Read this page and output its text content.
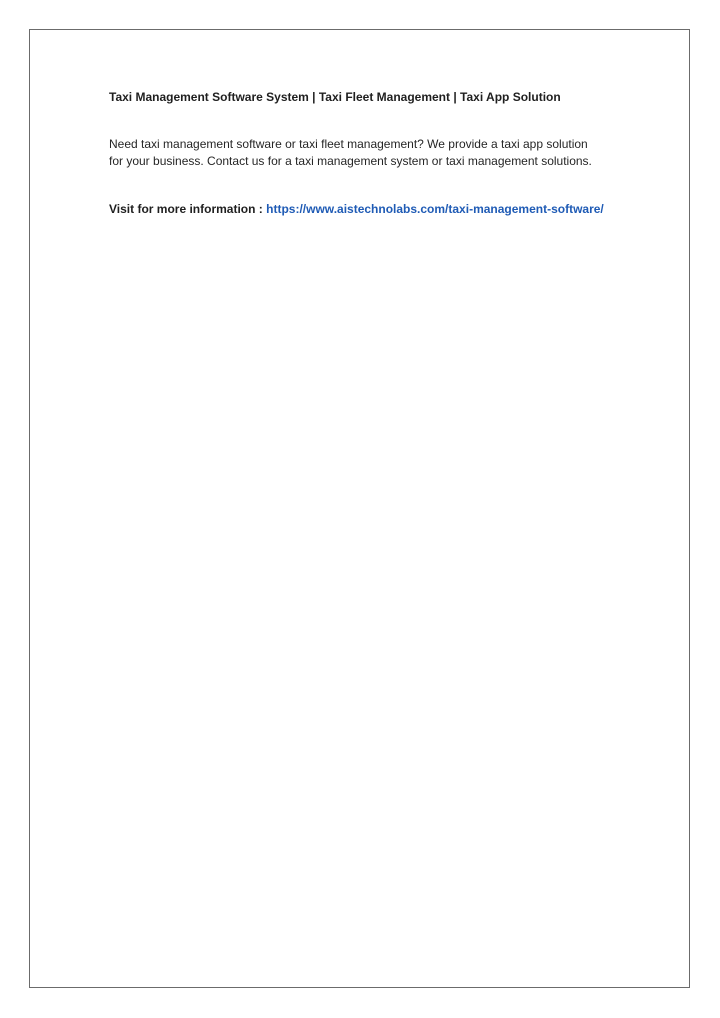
Taxi Management Software System | Taxi Fleet Management | Taxi App Solution

Need taxi management software or taxi fleet management? We provide a taxi app solution
for your business. Contact us for a taxi management system or taxi management solutions.

Visit for more information : https://www.aistechnolabs.com/taxi-management-software/
